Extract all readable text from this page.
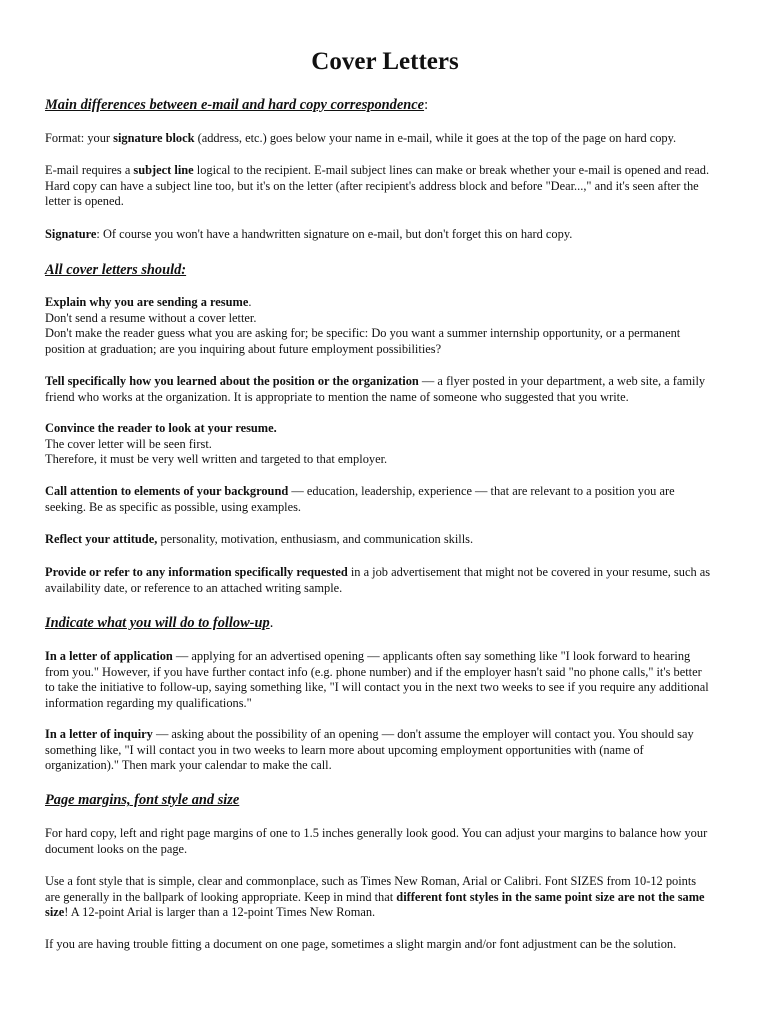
Cover Letters
Main differences between e-mail and hard copy correspondence:
Format: your signature block (address, etc.) goes below your name in e-mail, while it goes at the top of the page on hard copy.
E-mail requires a subject line logical to the recipient. E-mail subject lines can make or break whether your e-mail is opened and read.
Hard copy can have a subject line too, but it's on the letter (after recipient's address block and before "Dear...," and it's seen after the
letter is opened.
Signature: Of course you won't have a handwritten signature on e-mail, but don't forget this on hard copy.
All cover letters should:
Explain why you are sending a resume.
Don't send a resume without a cover letter.
Don't make the reader guess what you are asking for; be specific: Do you want a summer internship opportunity, or a permanent
position at graduation; are you inquiring about future employment possibilities?
Tell specifically how you learned about the position or the organization — a flyer posted in your department, a web site, a family
friend who works at the organization. It is appropriate to mention the name of someone who suggested that you write.
Convince the reader to look at your resume.
The cover letter will be seen first.
Therefore, it must be very well written and targeted to that employer.
Call attention to elements of your background — education, leadership, experience — that are relevant to a position you are
seeking. Be as specific as possible, using examples.
Reflect your attitude, personality, motivation, enthusiasm, and communication skills.
Provide or refer to any information specifically requested in a job advertisement that might not be covered in your resume, such as
availability date, or reference to an attached writing sample.
Indicate what you will do to follow-up.
In a letter of application — applying for an advertised opening — applicants often say something like "I look forward to hearing
from you." However, if you have further contact info (e.g. phone number) and if the employer hasn't said "no phone calls," it's better
to take the initiative to follow-up, saying something like, "I will contact you in the next two weeks to see if you require any additional
information regarding my qualifications."
In a letter of inquiry — asking about the possibility of an opening — don't assume the employer will contact you. You should say
something like, "I will contact you in two weeks to learn more about upcoming employment opportunities with (name of
organization)." Then mark your calendar to make the call.
Page margins, font style and size
For hard copy, left and right page margins of one to 1.5 inches generally look good. You can adjust your margins to balance how your
document looks on the page.
Use a font style that is simple, clear and commonplace, such as Times New Roman, Arial or Calibri. Font SIZES from 10-12 points
are generally in the ballpark of looking appropriate. Keep in mind that different font styles in the same point size are not the same
size! A 12-point Arial is larger than a 12-point Times New Roman.
If you are having trouble fitting a document on one page, sometimes a slight margin and/or font adjustment can be the solution.
